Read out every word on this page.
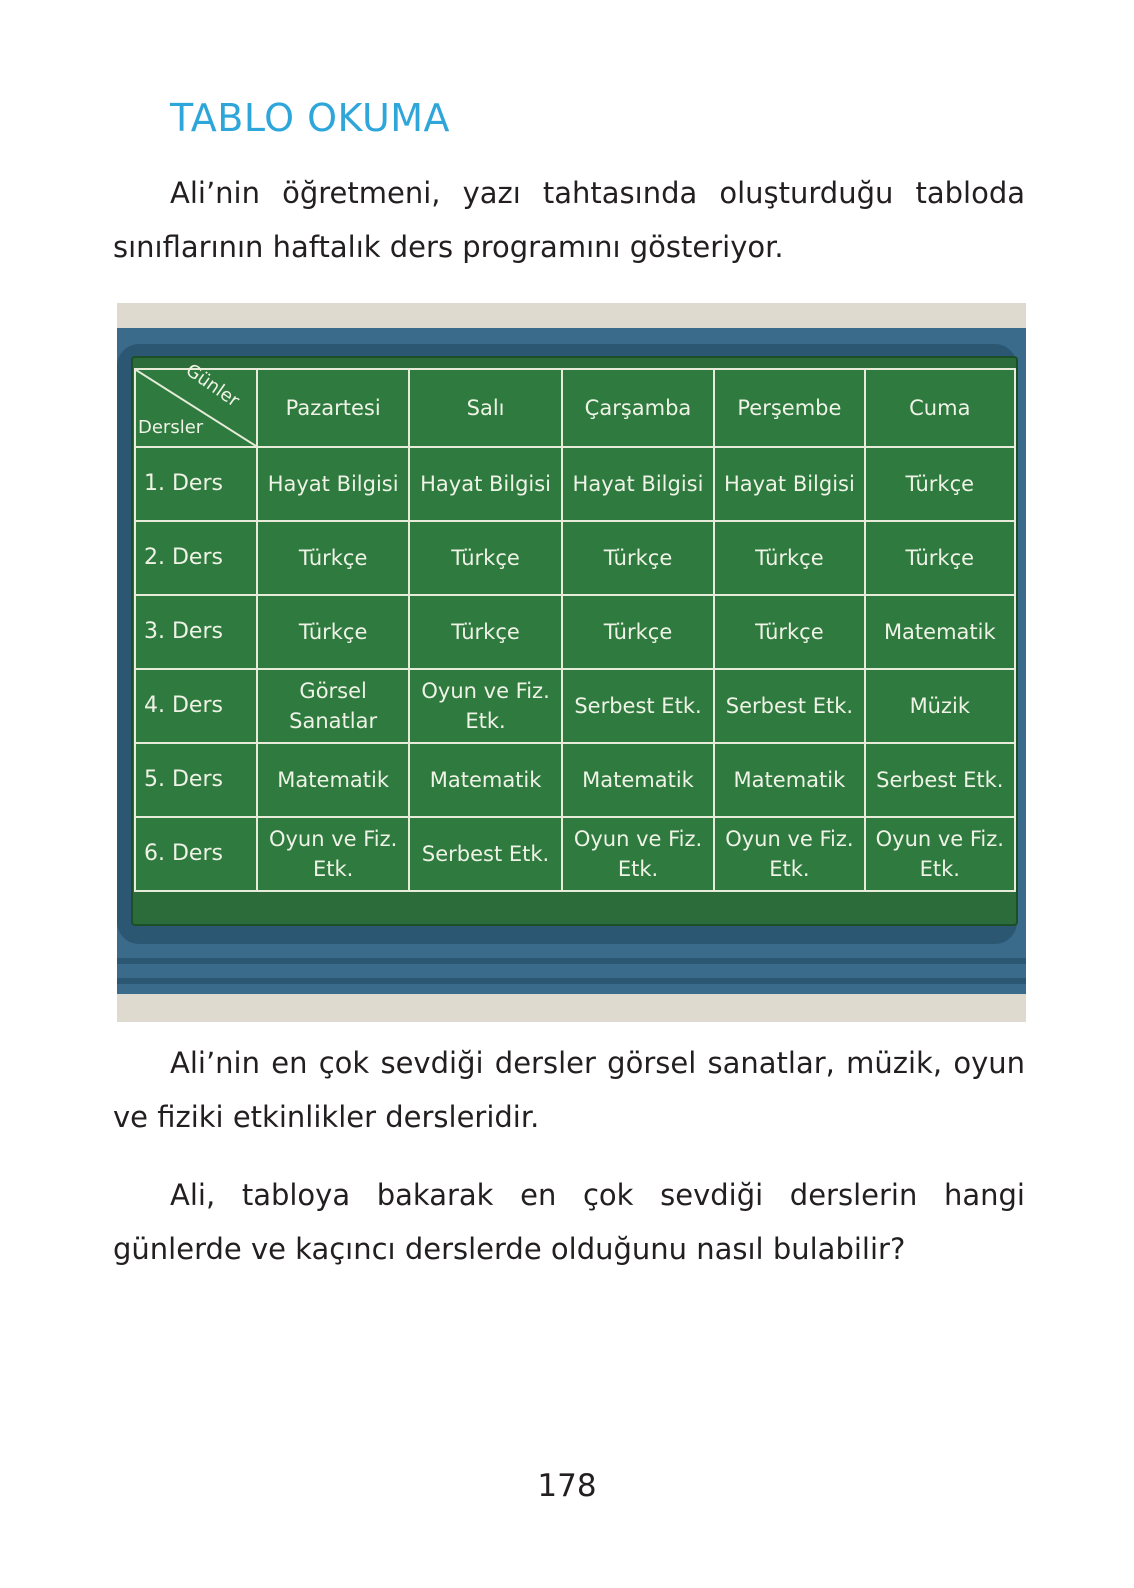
TABLO OKUMA
Ali’nin öğretmeni, yazı tahtasında oluşturduğu tabloda sınıflarının haftalık ders programını gösteriyor.
Günler
Dersler	Pazartesi	Salı	Çarşamba	Perşembe	Cuma
1. Ders	Hayat Bilgisi	Hayat Bilgisi	Hayat Bilgisi	Hayat Bilgisi	Türkçe
2. Ders	Türkçe	Türkçe	Türkçe	Türkçe	Türkçe
3. Ders	Türkçe	Türkçe	Türkçe	Türkçe	Matematik
4. Ders	Görsel Sanatlar	Oyun ve Fiz. Etk.	Serbest Etk.	Serbest Etk.	Müzik
5. Ders	Matematik	Matematik	Matematik	Matematik	Serbest Etk.
6. Ders	Oyun ve Fiz. Etk.	Serbest Etk.	Oyun ve Fiz. Etk.	Oyun ve Fiz. Etk.	Oyun ve Fiz. Etk.
Ali’nin en çok sevdiği dersler görsel sanatlar, müzik, oyun ve fiziki etkinlikler dersleridir.
Ali, tabloya bakarak en çok sevdiği derslerin hangi günlerde ve kaçıncı derslerde olduğunu nasıl bulabilir?
178
